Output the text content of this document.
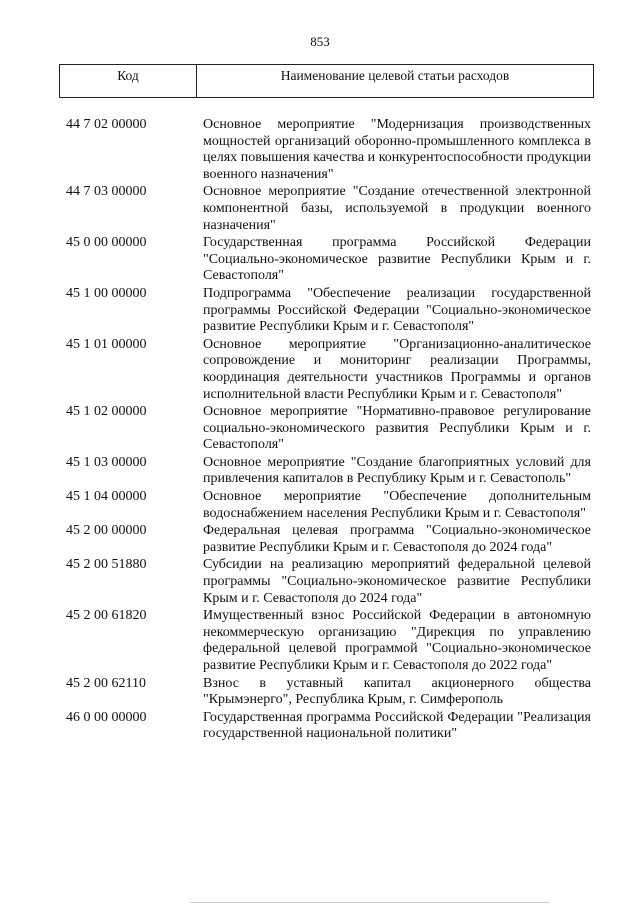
853
Код	Наименование целевой статьи расходов
44 7 02 00000	Основное мероприятие "Модернизация производственных мощностей организаций оборонно-промышленного комплекса в целях повышения качества и конкурентоспособности продукции военного назначения"
44 7 03 00000	Основное мероприятие "Создание отечественной электронной компонентной базы, используемой в продукции военного назначения"
45 0 00 00000	Государственная программа Российской Федерации "Социально-экономическое развитие Республики Крым и г. Севастополя"
45 1 00 00000	Подпрограмма "Обеспечение реализации государственной программы Российской Федерации "Социально-экономическое развитие Республики Крым и г. Севастополя"
45 1 01 00000	Основное мероприятие "Организационно-аналитическое сопровождение и мониторинг реализации Программы, координация деятельности участников Программы и органов исполнительной власти Республики Крым и г. Севастополя"
45 1 02 00000	Основное мероприятие "Нормативно-правовое регулирование социально-экономического развития Республики Крым и г. Севастополя"
45 1 03 00000	Основное мероприятие "Создание благоприятных условий для привлечения капиталов в Республику Крым и г. Севастополь"
45 1 04 00000	Основное мероприятие "Обеспечение дополнительным водоснабжением населения Республики Крым и г. Севастополя"
45 2 00 00000	Федеральная целевая программа "Социально-экономическое развитие Республики Крым и г. Севастополя до 2024 года"
45 2 00 51880	Субсидии на реализацию мероприятий федеральной целевой программы "Социально-экономическое развитие Республики Крым и г. Севастополя до 2024 года"
45 2 00 61820	Имущественный взнос Российской Федерации в автономную некоммерческую организацию "Дирекция по управлению федеральной целевой программой "Социально-экономическое развитие Республики Крым и г. Севастополя до 2022 года"
45 2 00 62110	Взнос в уставный капитал акционерного общества "Крымэнерго", Республика Крым, г. Симферополь
46 0 00 00000	Государственная программа Российской Федерации "Реализация государственной национальной политики"
